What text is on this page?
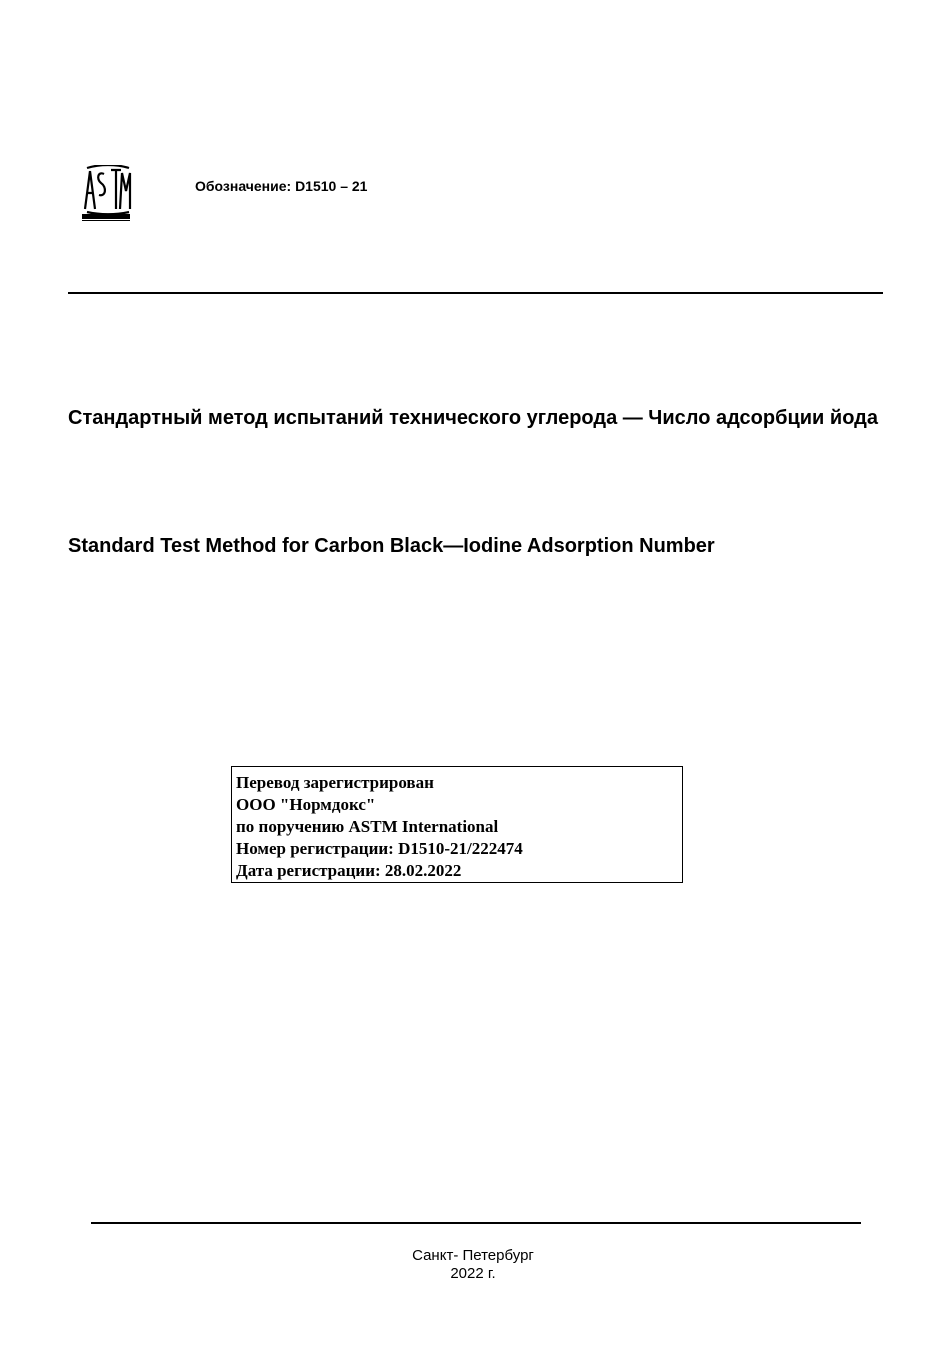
Обозначение: D1510 – 21
Стандартный метод испытаний технического углерода — Число адсорбции йода
Standard Test Method for Carbon Black—Iodine Adsorption Number
Перевод зарегистрирован
ООО "Нормдокс"
по поручению ASTM International
Номер регистрации: D1510-21/222474
Дата регистрации: 28.02.2022
Санкт- Петербург
2022 г.
